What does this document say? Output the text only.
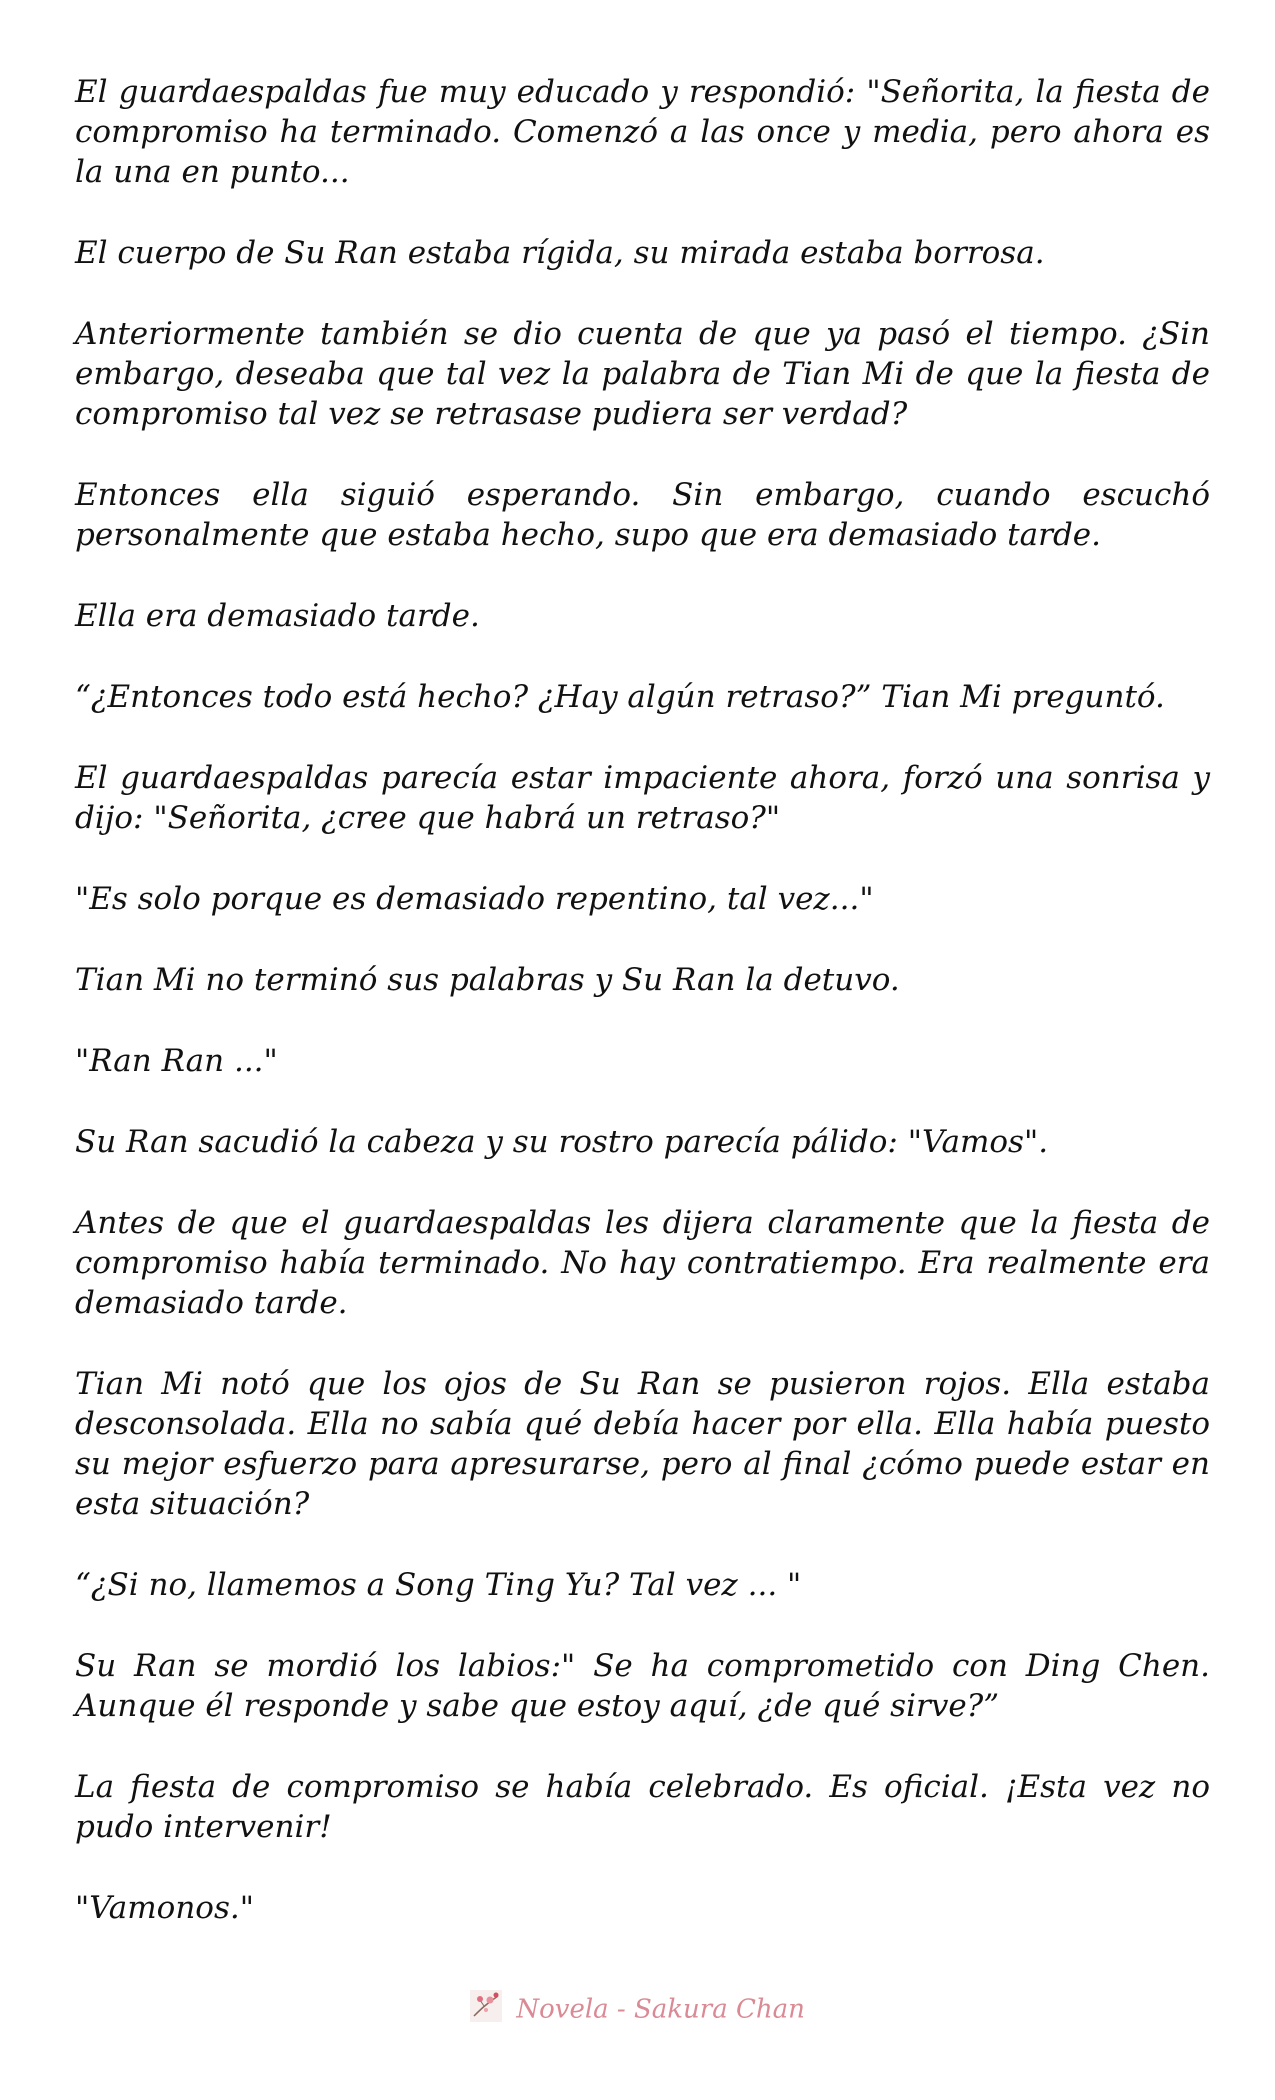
El guardaespaldas fue muy educado y respondió: "Señorita, la fiesta de compromiso ha terminado. Comenzó a las once y media, pero ahora es la una en punto...

El cuerpo de Su Ran estaba rígida, su mirada estaba borrosa.

Anteriormente también se dio cuenta de que ya pasó el tiempo. ¿Sin embargo, deseaba que tal vez la palabra de Tian Mi de que la fiesta de compromiso tal vez se retrasase pudiera ser verdad?

Entonces ella siguió esperando. Sin embargo, cuando escuchó personalmente que estaba hecho, supo que era demasiado tarde.

Ella era demasiado tarde.

“¿Entonces todo está hecho? ¿Hay algún retraso?” Tian Mi preguntó.

El guardaespaldas parecía estar impaciente ahora, forzó una sonrisa y dijo: "Señorita, ¿cree que habrá un retraso?"

"Es solo porque es demasiado repentino, tal vez..."

Tian Mi no terminó sus palabras y Su Ran la detuvo.

"Ran Ran ..."

Su Ran sacudió la cabeza y su rostro parecía pálido: "Vamos".

Antes de que el guardaespaldas les dijera claramente que la fiesta de compromiso había terminado. No hay contratiempo. Era realmente era demasiado tarde.

Tian Mi notó que los ojos de Su Ran se pusieron rojos. Ella estaba desconsolada. Ella no sabía qué debía hacer por ella. Ella había puesto su mejor esfuerzo para apresurarse, pero al final ¿cómo puede estar en esta situación?

“¿Si no, llamemos a Song Ting Yu? Tal vez ... "

Su Ran se mordió los labios:" Se ha comprometido con Ding Chen. Aunque él responde y sabe que estoy aquí, ¿de qué sirve?”

La fiesta de compromiso se había celebrado. Es oficial. ¡Esta vez no pudo intervenir!

"Vamonos."

Novela - Sakura Chan
